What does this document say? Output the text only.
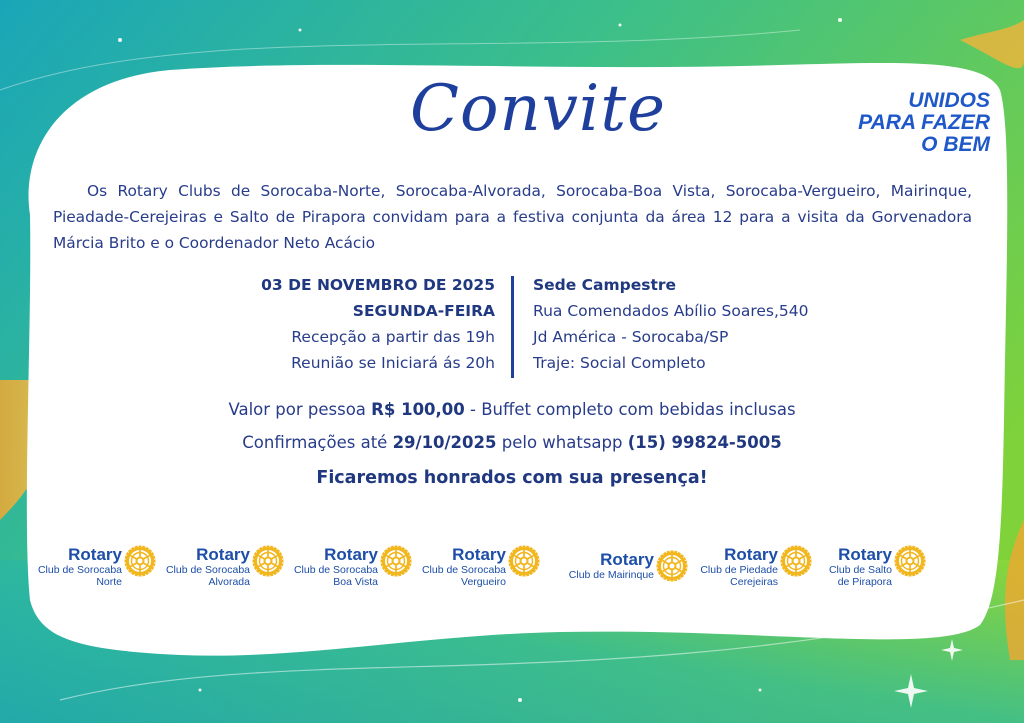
Convite	UNIDOS
PARA FAZER
O BEM

Os Rotary Clubs de Sorocaba-Norte, Sorocaba-Alvorada, Sorocaba-Boa Vista, Sorocaba-Vergueiro, Mairinque, Pieadade-Cerejeiras e Salto de Pirapora convidam para a festiva conjunta da área 12 para a visita da Gorvenadora Márcia Brito e o Coordenador Neto Acácio

03 DE NOVEMBRO DE 2025
SEGUNDA-FEIRA
Recepção a partir das 19h
Reunião se Iniciará ás 20h
Sede Campestre
Rua Comendados Abílio Soares,540
Jd América - Sorocaba/SP
Traje: Social Completo
Valor por pessoa R$ 100,00 - Buffet completo com bebidas inclusas
Confirmações até 29/10/2025 pelo whatsapp (15) 99824-5005
Ficaremos honrados com sua presença!
Rotary
Club de Sorocaba
Norte
Rotary
Club de Sorocaba
Alvorada
Rotary
Club de Sorocaba
Boa Vista
Rotary
Club de Sorocaba
Vergueiro
Rotary
Club de Mairinque
Rotary
Club de Piedade
Cerejeiras
Rotary
Club de Salto
de Pirapora
